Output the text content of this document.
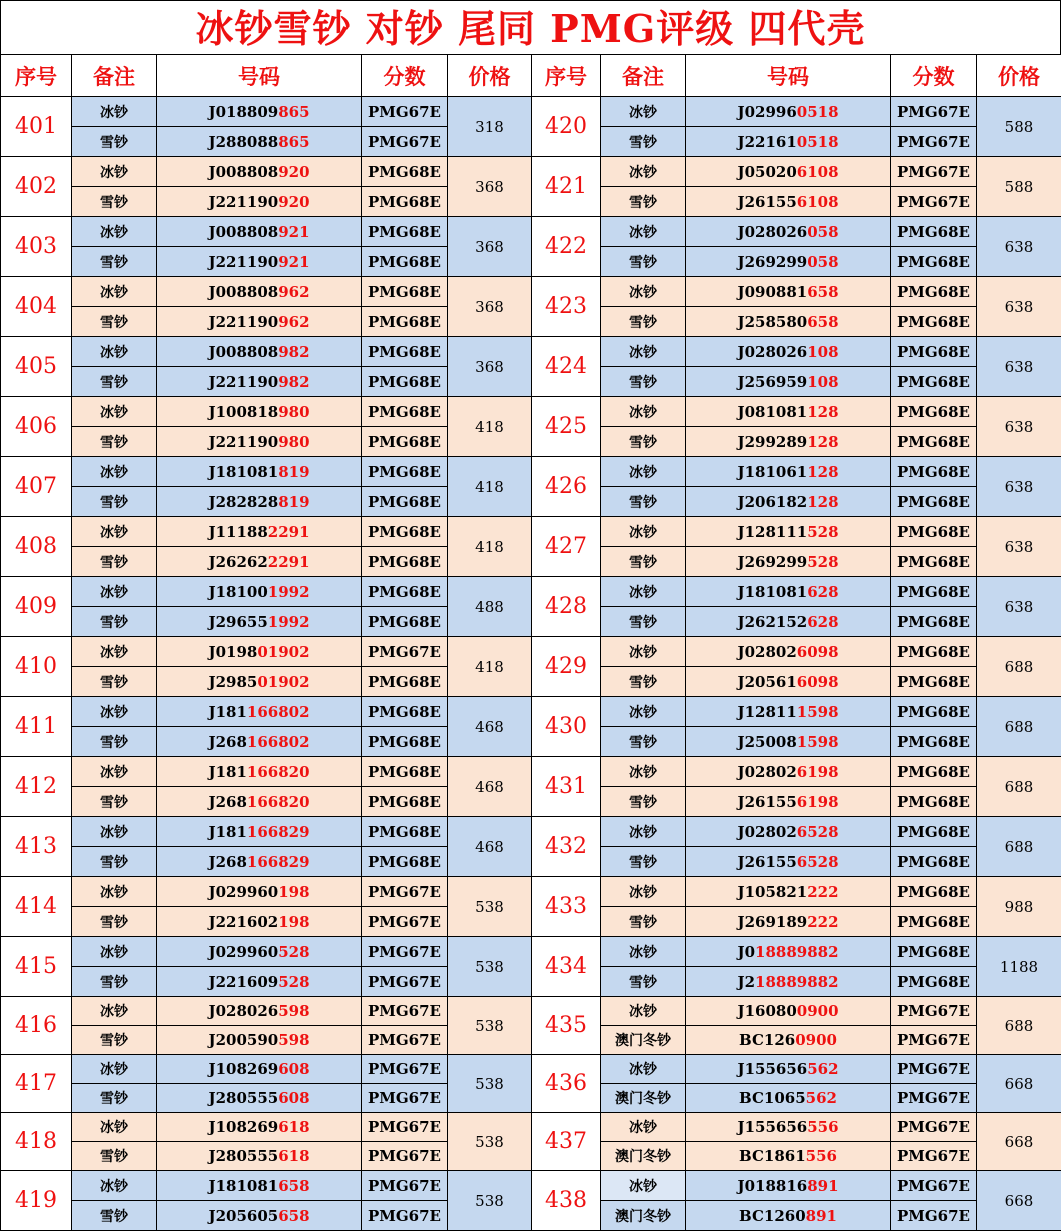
冰钞雪钞 对钞 尾同 PMG评级 四代壳
序号	备注	号码	分数	价格	序号	备注	号码	分数	价格
401	冰钞	J018809865	PMG67E	318	420	冰钞	J029960518	PMG67E	588
	雪钞	J288088865	PMG67E			雪钞	J221610518	PMG67E	
402	冰钞	J008808920	PMG68E	368	421	冰钞	J050206108	PMG67E	588
	雪钞	J221190920	PMG68E			雪钞	J261556108	PMG67E	
403	冰钞	J008808921	PMG68E	368	422	冰钞	J028026058	PMG68E	638
	雪钞	J221190921	PMG68E			雪钞	J269299058	PMG68E	
404	冰钞	J008808962	PMG68E	368	423	冰钞	J090881658	PMG68E	638
	雪钞	J221190962	PMG68E			雪钞	J258580658	PMG68E	
405	冰钞	J008808982	PMG68E	368	424	冰钞	J028026108	PMG68E	638
	雪钞	J221190982	PMG68E			雪钞	J256959108	PMG68E	
406	冰钞	J100818980	PMG68E	418	425	冰钞	J081081128	PMG68E	638
	雪钞	J221190980	PMG68E			雪钞	J299289128	PMG68E	
407	冰钞	J181081819	PMG68E	418	426	冰钞	J181061128	PMG68E	638
	雪钞	J282828819	PMG68E			雪钞	J206182128	PMG68E	
408	冰钞	J111882291	PMG68E	418	427	冰钞	J128111528	PMG68E	638
	雪钞	J262622291	PMG68E			雪钞	J269299528	PMG68E	
409	冰钞	J181001992	PMG68E	488	428	冰钞	J181081628	PMG68E	638
	雪钞	J296551992	PMG68E			雪钞	J262152628	PMG68E	
410	冰钞	J019801902	PMG67E	418	429	冰钞	J028026098	PMG68E	688
	雪钞	J298501902	PMG68E			雪钞	J205616098	PMG68E	
411	冰钞	J181166802	PMG68E	468	430	冰钞	J128111598	PMG68E	688
	雪钞	J268166802	PMG68E			雪钞	J250081598	PMG68E	
412	冰钞	J181166820	PMG68E	468	431	冰钞	J028026198	PMG68E	688
	雪钞	J268166820	PMG68E			雪钞	J261556198	PMG68E	
413	冰钞	J181166829	PMG68E	468	432	冰钞	J028026528	PMG68E	688
	雪钞	J268166829	PMG68E			雪钞	J261556528	PMG68E	
414	冰钞	J029960198	PMG67E	538	433	冰钞	J105821222	PMG68E	988
	雪钞	J221602198	PMG67E			雪钞	J269189222	PMG68E	
415	冰钞	J029960528	PMG67E	538	434	冰钞	J018889882	PMG68E	1188
	雪钞	J221609528	PMG67E			雪钞	J218889882	PMG68E	
416	冰钞	J028026598	PMG67E	538	435	冰钞	J160800900	PMG67E	688
	雪钞	J200590598	PMG67E			澳门冬钞	BC1260900	PMG67E	
417	冰钞	J108269608	PMG67E	538	436	冰钞	J155656562	PMG67E	668
	雪钞	J280555608	PMG67E			澳门冬钞	BC1065562	PMG67E	
418	冰钞	J108269618	PMG67E	538	437	冰钞	J155656556	PMG67E	668
	雪钞	J280555618	PMG67E			澳门冬钞	BC1861556	PMG67E	
419	冰钞	J181081658	PMG67E	538	438	冰钞	J018816891	PMG67E	668
	雪钞	J205605658	PMG67E			澳门冬钞	BC1260891	PMG67E	
